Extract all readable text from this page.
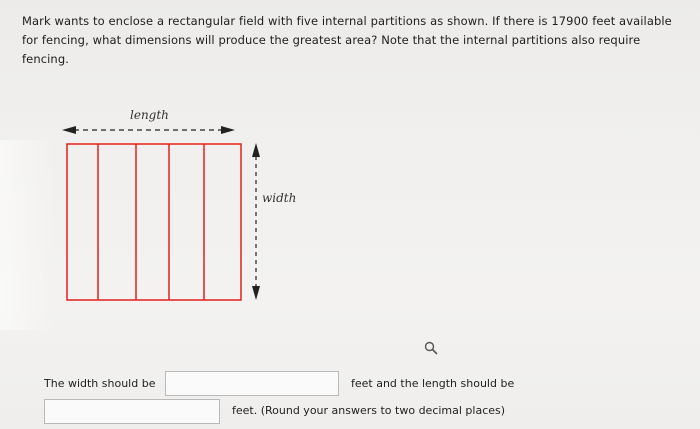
Mark wants to enclose a rectangular field with five internal partitions as shown. If there is 17900 feet available for fencing, what dimensions will produce the greatest area? Note that the internal partitions also require fencing.
length
width
The width should be	feet and the length should be
feet. (Round your answers to two decimal places)
